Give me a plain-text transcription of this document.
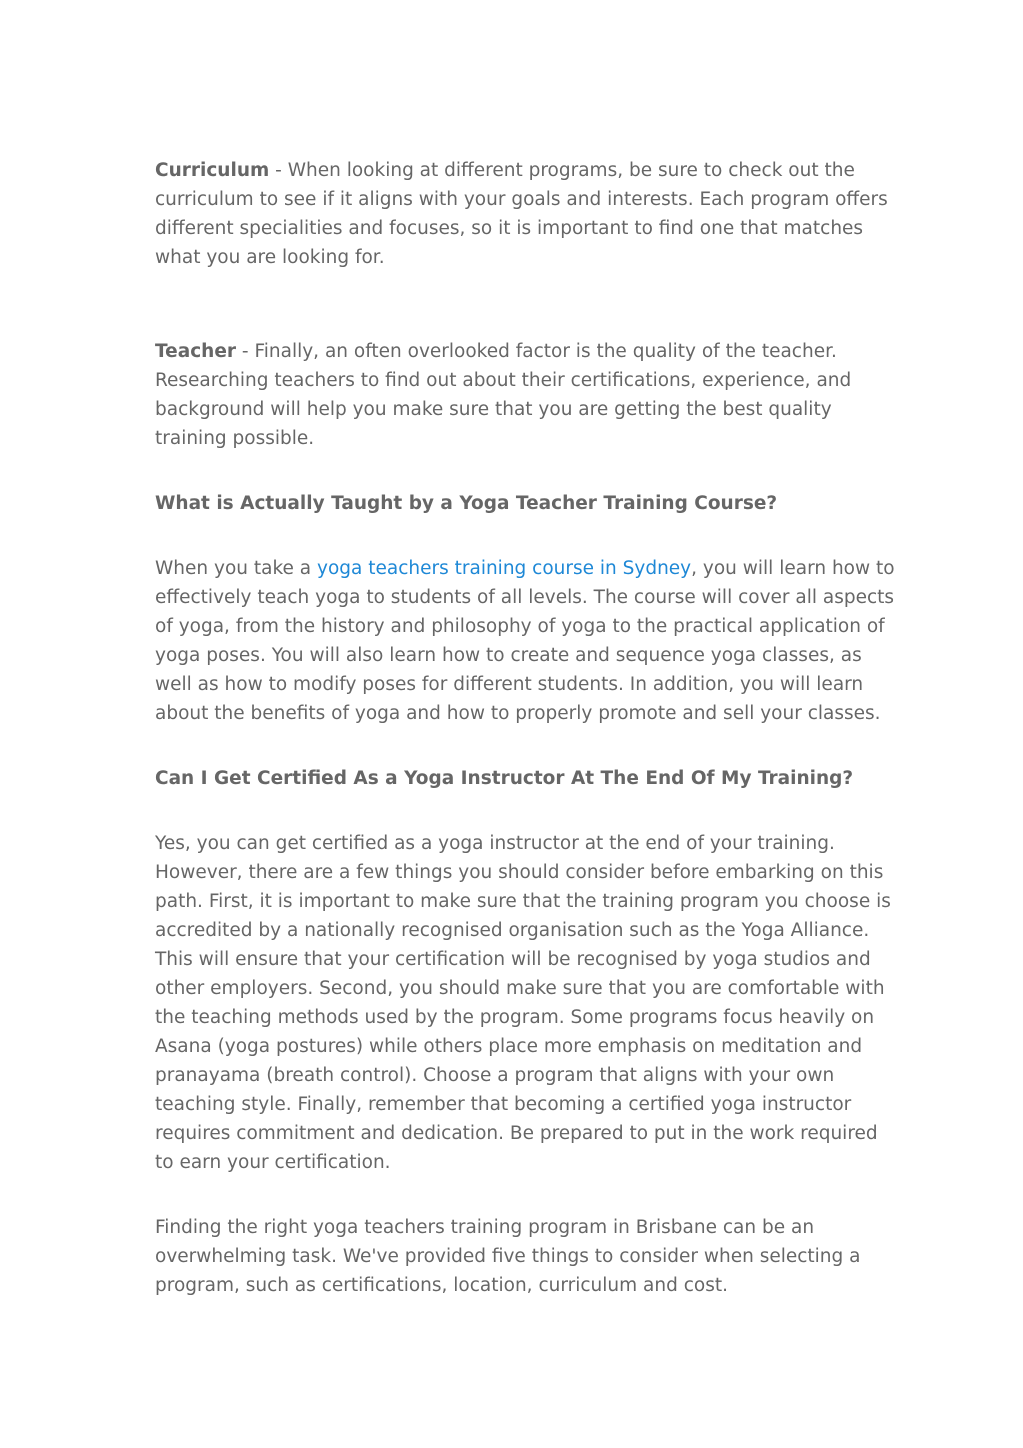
Curriculum - When looking at different programs, be sure to check out the curriculum to see if it aligns with your goals and interests. Each program offers different specialities and focuses, so it is important to find one that matches what you are looking for.

Teacher - Finally, an often overlooked factor is the quality of the teacher. Researching teachers to find out about their certifications, experience, and background will help you make sure that you are getting the best quality training possible.

What is Actually Taught by a Yoga Teacher Training Course?

When you take a yoga teachers training course in Sydney, you will learn how to effectively teach yoga to students of all levels. The course will cover all aspects of yoga, from the history and philosophy of yoga to the practical application of yoga poses. You will also learn how to create and sequence yoga classes, as well as how to modify poses for different students. In addition, you will learn about the benefits of yoga and how to properly promote and sell your classes.

Can I Get Certified As a Yoga Instructor At The End Of My Training?

Yes, you can get certified as a yoga instructor at the end of your training. However, there are a few things you should consider before embarking on this path. First, it is important to make sure that the training program you choose is accredited by a nationally recognised organisation such as the Yoga Alliance. This will ensure that your certification will be recognised by yoga studios and other employers. Second, you should make sure that you are comfortable with the teaching methods used by the program. Some programs focus heavily on Asana (yoga postures) while others place more emphasis on meditation and pranayama (breath control). Choose a program that aligns with your own teaching style. Finally, remember that becoming a certified yoga instructor requires commitment and dedication. Be prepared to put in the work required to earn your certification.

Finding the right yoga teachers training program in Brisbane can be an overwhelming task. We've provided five things to consider when selecting a program, such as certifications, location, curriculum and cost.
